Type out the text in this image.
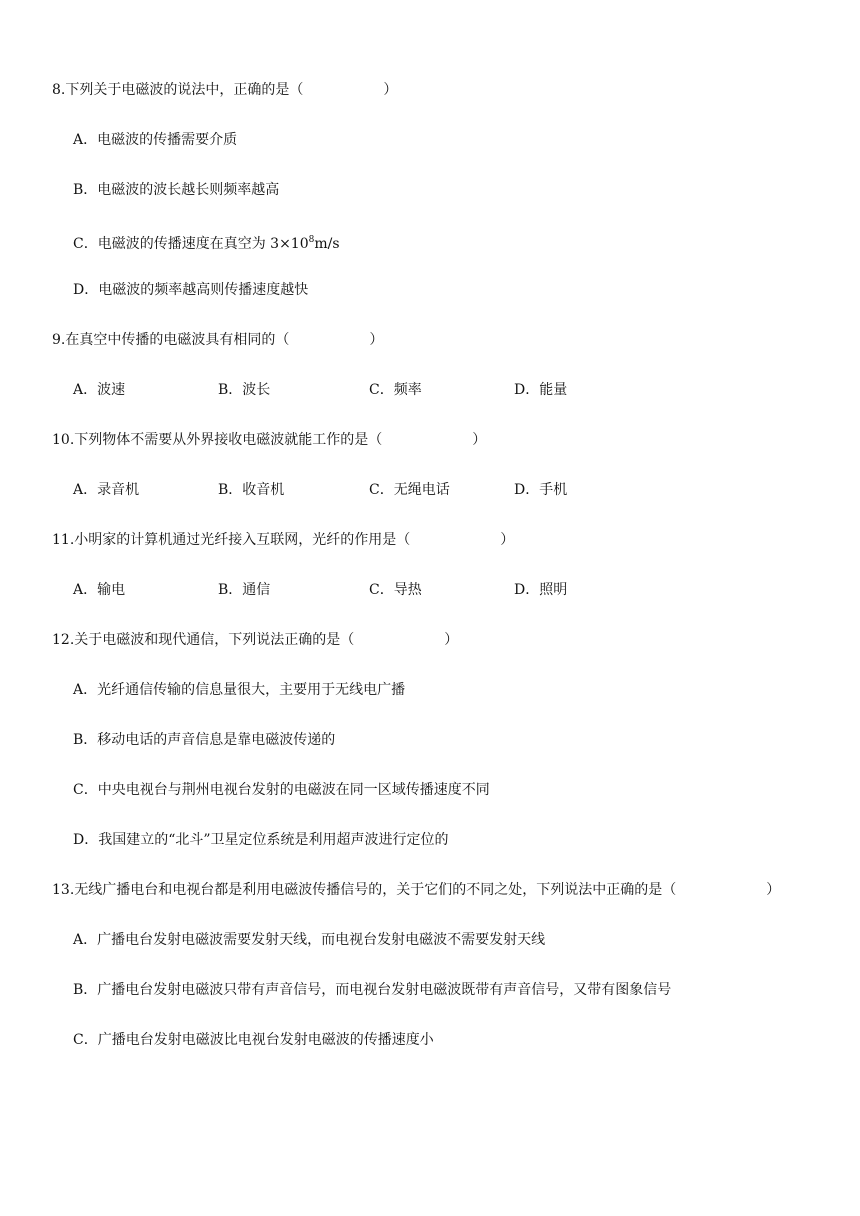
8.下列关于电磁波的说法中，正确的是（	）
A．电磁波的传播需要介质
B．电磁波的波长越长则频率越高
C．电磁波的传播速度在真空为 $3\times 10^8m/s$
D．电磁波的频率越高则传播速度越快
9.在真空中传播的电磁波具有相同的（	）
A．波速	B．波长	C．频率	D．能量
10.下列物体不需要从外界接收电磁波就能工作的是（	）
A．录音机	B．收音机	C．无绳电话	D．手机
11.小明家的计算机通过光纤接入互联网，光纤的作用是（	）
A．输电	B．通信	C．导热	D．照明
12.关于电磁波和现代通信，下列说法正确的是（	）
A．光纤通信传输的信息量很大，主要用于无线电广播
B．移动电话的声音信息是靠电磁波传递的
C．中央电视台与荆州电视台发射的电磁波在同一区域传播速度不同
D．我国建立的“北斗”卫星定位系统是利用超声波进行定位的
13.无线广播电台和电视台都是利用电磁波传播信号的，关于它们的不同之处，下列说法中正确的是（	）
A．广播电台发射电磁波需要发射天线，而电视台发射电磁波不需要发射天线
B．广播电台发射电磁波只带有声音信号，而电视台发射电磁波既带有声音信号，又带有图象信号
C．广播电台发射电磁波比电视台发射电磁波的传播速度小
